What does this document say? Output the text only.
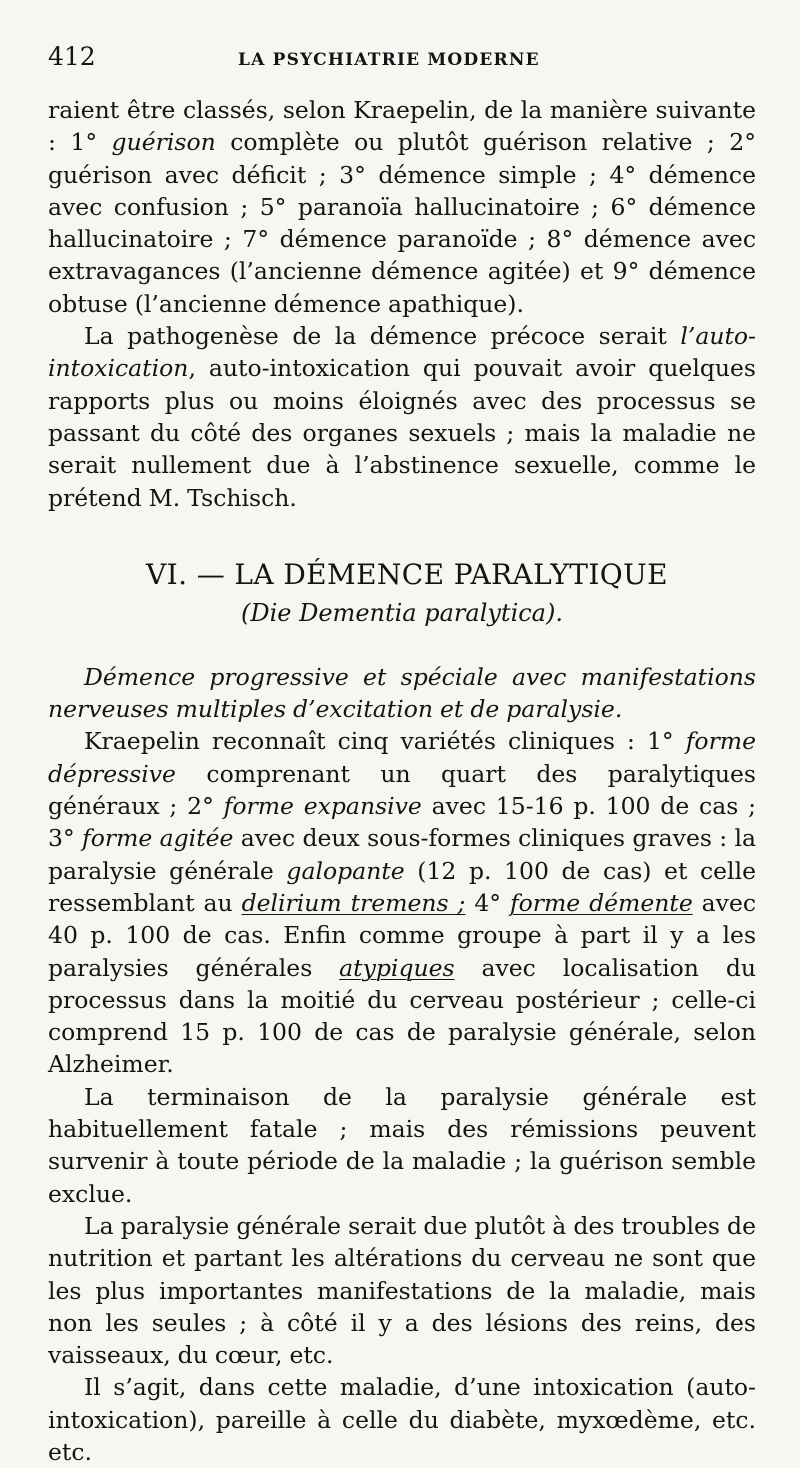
412	LA PSYCHIATRIE MODERNE

raient être classés, selon Kraepelin, de la manière suivante : 1° guérison complète ou plutôt guérison relative ; 2° guérison avec déficit ; 3° démence simple ; 4° démence avec confusion ; 5° paranoïa hallucinatoire ; 6° démence hallucinatoire ; 7° démence paranoïde ; 8° démence avec extravagances (l’ancienne démence agitée) et 9° démence obtuse (l’ancienne démence apathique).

La pathogenèse de la démence précoce serait l’auto-intoxication, auto-intoxication qui pouvait avoir quelques rapports plus ou moins éloignés avec des processus se passant du côté des organes sexuels ; mais la maladie ne serait nullement due à l’abstinence sexuelle, comme le prétend M. Tschisch.

VI. — LA DÉMENCE PARALYTIQUE
(Die Dementia paralytica).

Démence progressive et spéciale avec manifestations nerveuses multiples d’excitation et de paralysie.

Kraepelin reconnaît cinq variétés cliniques : 1° forme dépressive comprenant un quart des paralytiques généraux ; 2° forme expansive avec 15-16 p. 100 de cas ; 3° forme agitée avec deux sous-formes cliniques graves : la paralysie générale galopante (12 p. 100 de cas) et celle ressemblant au delirium tremens ; 4° forme démente avec 40 p. 100 de cas. Enfin comme groupe à part il y a les paralysies générales atypiques avec localisation du processus dans la moitié du cerveau postérieur ; celle-ci comprend 15 p. 100 de cas de paralysie générale, selon Alzheimer.

La terminaison de la paralysie générale est habituellement fatale ; mais des rémissions peuvent survenir à toute période de la maladie ; la guérison semble exclue.

La paralysie générale serait due plutôt à des troubles de nutrition et partant les altérations du cerveau ne sont que les plus importantes manifestations de la maladie, mais non les seules ; à côté il y a des lésions des reins, des vaisseaux, du cœur, etc.

Il s’agit, dans cette maladie, d’une intoxication (auto-intoxication), pareille à celle du diabète, myxœdème, etc. etc.
